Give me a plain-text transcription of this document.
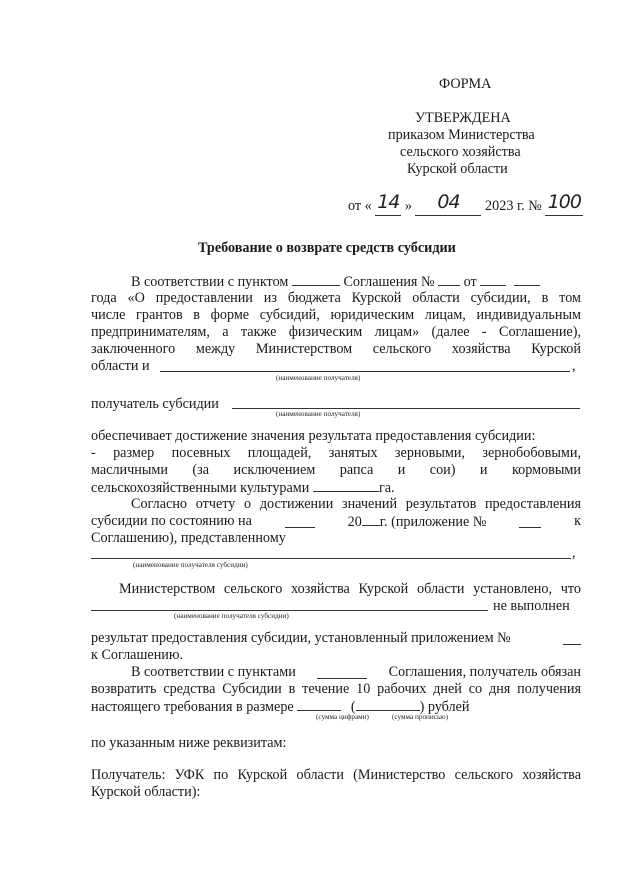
ФОРМА
УТВЕРЖДЕНА
приказом Министерства
сельского хозяйства
Курской области
от « 14 » 04 2023 г. № 100
Требование о возврате средств субсидии
В соответствии с пунктом	Соглашения № от
года «О предоставлении из бюджета Курской области субсидии, в том
числе грантов в форме субсидий, юридическим лицам, индивидуальным
предпринимателям, а также физическим лицам» (далее - Соглашение),
заключенного между Министерством сельского хозяйства Курской
области и	,
(наименование получателя)
получатель субсидии
(наименование получателя)
обеспечивает достижение значения результата предоставления субсидии:
- размер посевных площадей, занятых зерновыми, зернобобовыми,
масличными (за исключением рапса и сои) и кормовыми
сельскохозяйственными культурами	га.
Согласно отчету о достижении значений результатов предоставления
субсидии по состоянию на	20 г. (приложение №	к
Соглашению), представленному
,
(наименование получателя субсидии)
Министерством сельского хозяйства Курской области установлено, что
не выполнен
(наименование получателя субсидии)
результат предоставления субсидии, установленный приложением №
к Соглашению.
В соответствии с пунктами	Соглашения, получатель обязан
возвратить средства Субсидии в течение 10 рабочих дней со дня получения
настоящего требования в размере	(	) рублей
(сумма цифрами)	(сумма прописью)
по указанным ниже реквизитам:
Получатель: УФК по Курской области (Министерство сельского хозяйства
Курской области):
